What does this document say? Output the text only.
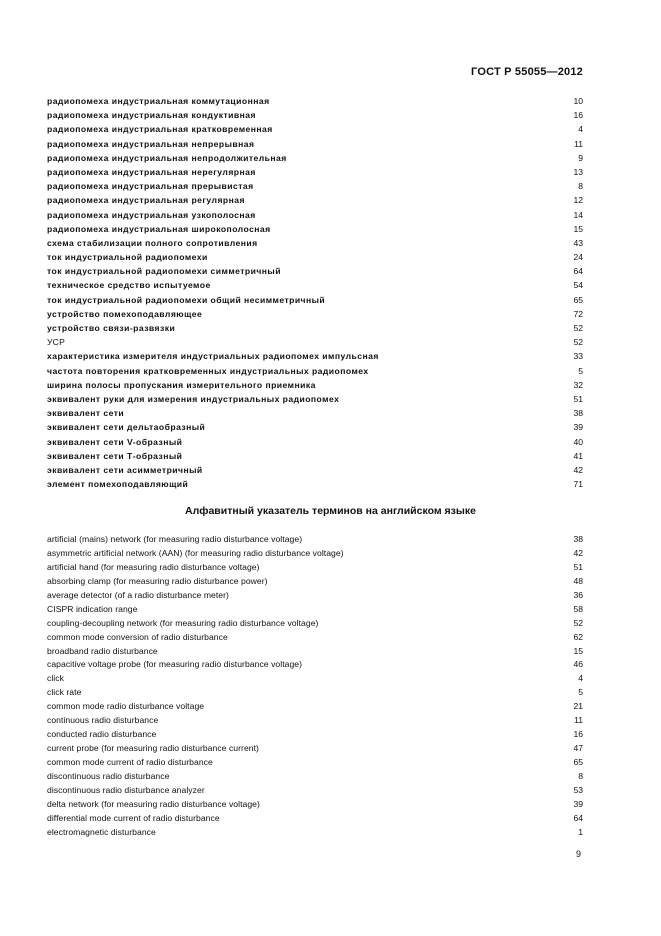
ГОСТ Р 55055—2012
радиопомеха индустриальная коммутационная	10
радиопомеха индустриальная кондуктивная	16
радиопомеха индустриальная кратковременная	4
радиопомеха индустриальная непрерывная	11
радиопомеха индустриальная непродолжительная	9
радиопомеха индустриальная нерегулярная	13
радиопомеха индустриальная прерывистая	8
радиопомеха индустриальная регулярная	12
радиопомеха индустриальная узкополосная	14
радиопомеха индустриальная широкополосная	15
схема стабилизации полного сопротивления	43
ток индустриальной радиопомехи	24
ток индустриальной радиопомехи симметричный	64
техническое средство испытуемое	54
ток индустриальной радиопомехи общий несимметричный	65
устройство помехоподавляющее	72
устройство связи-развязки	52
УСР	52
характеристика измерителя индустриальных радиопомех импульсная	33
частота повторения кратковременных индустриальных радиопомех	5
ширина полосы пропускания измерительного приемника	32
эквивалент руки для измерения индустриальных радиопомех	51
эквивалент сети	38
эквивалент сети дельтаобразный	39
эквивалент сети V-образный	40
эквивалент сети Т-образный	41
эквивалент сети асимметричный	42
элемент помехоподавляющий	71
Алфавитный указатель терминов на английском языке
artificial (mains) network (for measuring radio disturbance voltage)	38
asymmetric artificial network (AAN) (for measuring radio disturbance voltage)	42
artificial hand (for measuring radio disturbance voltage)	51
absorbing clamp (for measuring radio disturbance power)	48
average detector (of a radio disturbance meter)	36
CISPR indication range	58
coupling-decoupling network (for measuring radio disturbance voltage)	52
common mode conversion of radio disturbance	62
broadband radio disturbance	15
capacitive voltage probe (for measuring radio disturbance voltage)	46
click	4
click rate	5
common mode radio disturbance voltage	21
continuous radio disturbance	11
conducted radio disturbance	16
current probe (for measuring radio disturbance current)	47
common mode current of radio disturbance	65
discontinuous radio disturbance	8
discontinuous radio disturbance analyzer	53
delta network (for measuring radio disturbance voltage)	39
differential mode current of radio disturbance	64
electromagnetic disturbance	1
9
